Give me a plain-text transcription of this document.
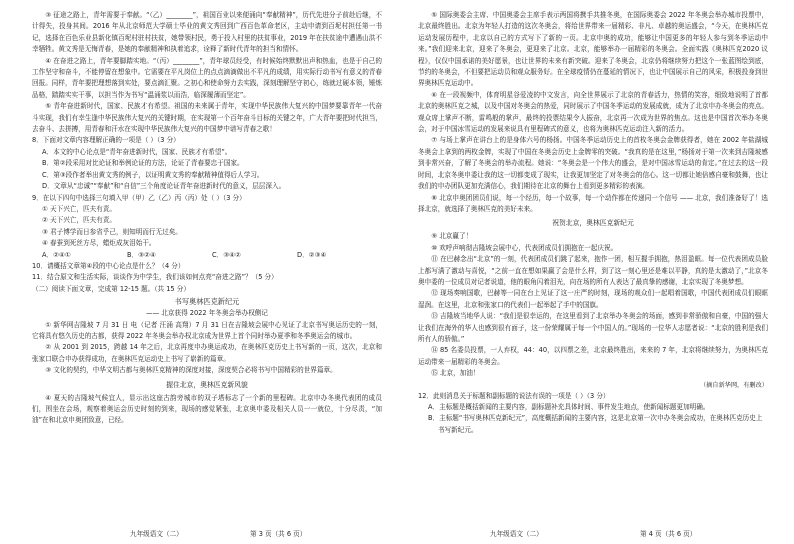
③ 征途之路上，青年需要于奉献。“（乙）________”，祖国百业以来便涌向“奉献精神”，历代先进分子前赴后继，不计得失，投身其间。2016 年从北京师范大学硕士毕业的黄文秀回到广西百色革命老区，主动申请到百坭村担任第一书记，选择在百色乐业县新化镇百坭村驻村扶贫，她带领村民，勇于投入村里的扶贫事业，2019 年在扶贫途中遭遇山洪不幸牺牲。黄文秀是无悔青春，是她的奉献精神和执着追求，诠释了新时代青年的担当和情怀。

④ 在奋进之路上，青年要脚踏实地。“（丙）________”，青年球员经受，有时候始终默默出声和热血，也是于自己的工作坚守和奋斗，不能停留在想象中。它需要在平凡岗位上的点点滴滴做出不平凡的成绩，用实际行动书写有意义的青春回报。同样，青年要把理想落到实处，要点滴汇聚。之初心和使命努力去实践，深刻理解坚守初心，练就过硬本领，锤炼品格，踏踏实实干事，以担当作为书写“温涌浆以而浩，临深履薄而坚定”。

⑤ 青年奋进新时代，国家、民族才有希望。祖国的未来属于青年，实现中华民族伟大复兴的中国梦要靠青年一代奋斗实现，我们有幸生逢中华民族伟大复兴的关键时期，在实现第一个百年奋斗目标的关键之年，广大青年要把时代担当，去奋斗、去拼搏，用青春和汗水在实现中华民族伟大复兴的中国梦中谱写青春之歌！

8．下面对文章内容理解正确的一项是（ ）（3 分）

A．本文的中心论点是“青年奋进新时代，国家、民族才有希望”。

B．第②段采用对比论证和举例论证的方法，论证了青春要忠于国家。

C．第③段作者举出黄文秀的例子，以证明黄文秀的奉献精神值得后人学习。

D．文章从“忠诚”“奉献”和“自信”三个角度论证青年奋进新时代的意义，层层深入。

9．在以下四句中选择三句填入甲（甲）乙（乙）丙（丙）处（ ）（3 分）

① 天下兴亡，匹夫有责。

② 天下兴亡，匹夫有责。

③ 君子博学而日参省乎己，则知明而行无过矣。

④ 春蚕到死丝方尽，蜡炬成灰泪始干。

A．②④①	B．③②④	C．③④②	D．②③④

10．请概括文章第④段的中心论点是什么？（4 分）

11．结合原文和生活实际，谈谈作为中学生，我们该如何点亮“奋进之路”？（5 分）

（二）阅读下面文章，完成第 12-15 题。（共 15 分）

书写奥林匹克新纪元

—— 北京获得 2022 年冬奥会举办权侧记

① 新华网吉隆坡 7 月 31 日 电（记者 汪涌 高翔）7 月 31 日在吉隆坡会展中心见证了北京书写奥运历史的一刻，它将具有悠久历史的古都，获得 2022 年冬奥会举办权北京成为世界上首个同时举办夏季和冬季奥运会的城市。

② 从 2001 到 2015，跨越 14 年之后，北京再度申办奥运成功，在奥林匹克历史上书写新的一页，这次，北京和张家口联合申办获得成功，在奥林匹克运动史上书写了崭新的篇章。

③ 文化的契约，中华文明古都与奥林匹克精神的深度对接，深度契合必将书写中国精彩的世界篇章。

握住北京，奥林匹克新风貌

④ 夏天的吉隆坡气候宜人，显示出这座古韵旁城市的双子塔标志了一个新的里程碑。北京申办冬奥代表团的成员们，围坐在会场，观察着奥运会历史时刻的到来，现场的感觉紧张，北京奥申委及相关人员一一就位，十分尽责，“加油”在和北京申奥团致意，已经。

⑤ 国际奥委会主席、中国奥委会主席手表示两国将携手共推冬奥，在国际奥委会 2022 年冬奥会举办城市投票中，北京最终胜出。北京为年轻人打造的这次冬奥会，将给世界带来一届精彩、非凡、卓越的奥运盛会，“今天，在奥林匹克运动发展历程中，北京以自己的方式写下了新的一页。北京申奥的成功，能够让中国更多的年轻人参与到冬季运动中来。”我们迎来北京，迎来了冬奥会，更迎来了北京。北京，能够举办一届精彩的冬奥会。全面实践《奥林匹克2020 议程》，仅仅中国承诺的美好愿景，也让世界的未来有新突破。迎来了冬奥会，北京仍将继续努力把这个一张蓝图绘到底，节约的冬奥会，不但要把运动员和观众服务好。在全球疫情仍在蔓延的情况下，也让中国展示自己的风采，积极投身到世界奥林匹克运动中。

⑥ 在一段视频中，体育明星谷爱凌的中文发言，向全世界展示了北京的青春活力，热情的笑容，细致地说明了首都北京的奥林匹克之城，以及中国对冬奥会的热爱，同时展示了中国冬季运动的发展成就，成为了北京申办冬奥会的亮点。观众席上掌声不断，雷鸣般的掌声，最终的投票结果令人振奋，北京再一次成为世界的焦点。这也是中国首次举办冬奥会，对于中国冰雪运动的发展来说具有里程碑式的意义，也将为奥林匹克运动注入新的活力。

⑦ 与场上掌声在讲台上的是身体六号的杨扬。中国冬季运动历史上的首枚冬奥会金牌获得者，她在 2002 年盐湖城冬奥会上拿到的两枚金牌，实现了中国在冬奥会历史上金牌零的突破。“我真的是在这里，”杨扬对于第一次来到吉隆坡感到非常兴奋，了解了冬奥会的举办流程。她说：“冬奥会是一个伟大的盛会，是对中国冰雪运动的肯定。”在过去的这一段时间，北京冬奥申委让我的这一切都变成了现实，让我更加坚定了对冬奥会的信心。这一切都让她倍感自豪和鼓舞，也让我们的申办团队更加充满信心，我们期待在北京的舞台上看到更多精彩的表演。

⑧ 北京申奥团团员们说，每一个经历，每一个故事，每一个动作都在传递同一个信号 —— 北京，我们准备好了！选择北京，就选择了奥林匹克的美好未来。

祝贺北京，奥林匹克新纪元

⑨ 北京赢了！

⑩ 欢呼声响彻吉隆坡会展中心，代表团成员们拥抱在一起庆祝。

⑪ 在巴赫念出“北京”的一刻，代表团成员们跳了起来，抱作一团，相互握手拥抱，热泪盈眶。每一位代表团成员脸上都写满了激动与喜悦，“之前一直在想如果赢了会是什么样，到了这一刻心里还是难以平静，真的是太激动了，”北京冬奥申委的一位成员对记者说道，他的眼角闪着泪光，向在场的所有人表达了最真挚的感谢，北京实现了冬奥梦想。

⑫ 现场奏响国歌，巴赫等一同在台上见证了这一庄严的时刻，现场的观众们一起唱着国歌，中国代表团成员们眼眶湿润。在这里，北京和张家口的代表们一起举起了手中的国旗。

⑬ 吉隆坡当地华人说：“我们是很幸运的，在这里看到了北京举办冬奥会的场面，感到非常骄傲和自豪，中国的强大让我们在海外的华人也感到很有面子，这一份荣耀属于每一个中国人的。”现场的一位华人志愿者说：“北京的胜利是我们所有人的骄傲。”

⑭ 85 名委员投票，一人弃权，44：40，以四票之差，北京最终胜出，来来的 7 年，北京将继续努力，为奥林匹克运动带来一届精彩的冬奥会。

⑮ 北京，加油！

（摘自新华网，有删改）

12．此则消息关于标题和副标题的说法有误的一项是（ ）（3 分）

A．主标题是概括新闻的主要内容，副标题补充具体时间、事件发生地点，使新闻标题更加明确。

B．主标题“书写奥林匹克新纪元”，高度概括新闻的主要内容，这是北京第一次申办冬奥会成功，在奥林匹克历史上书写新纪元。

九年级语文（二）	第 3 页（共 6 页）	九年级语文（二）	第 4 页（共 6 页）
